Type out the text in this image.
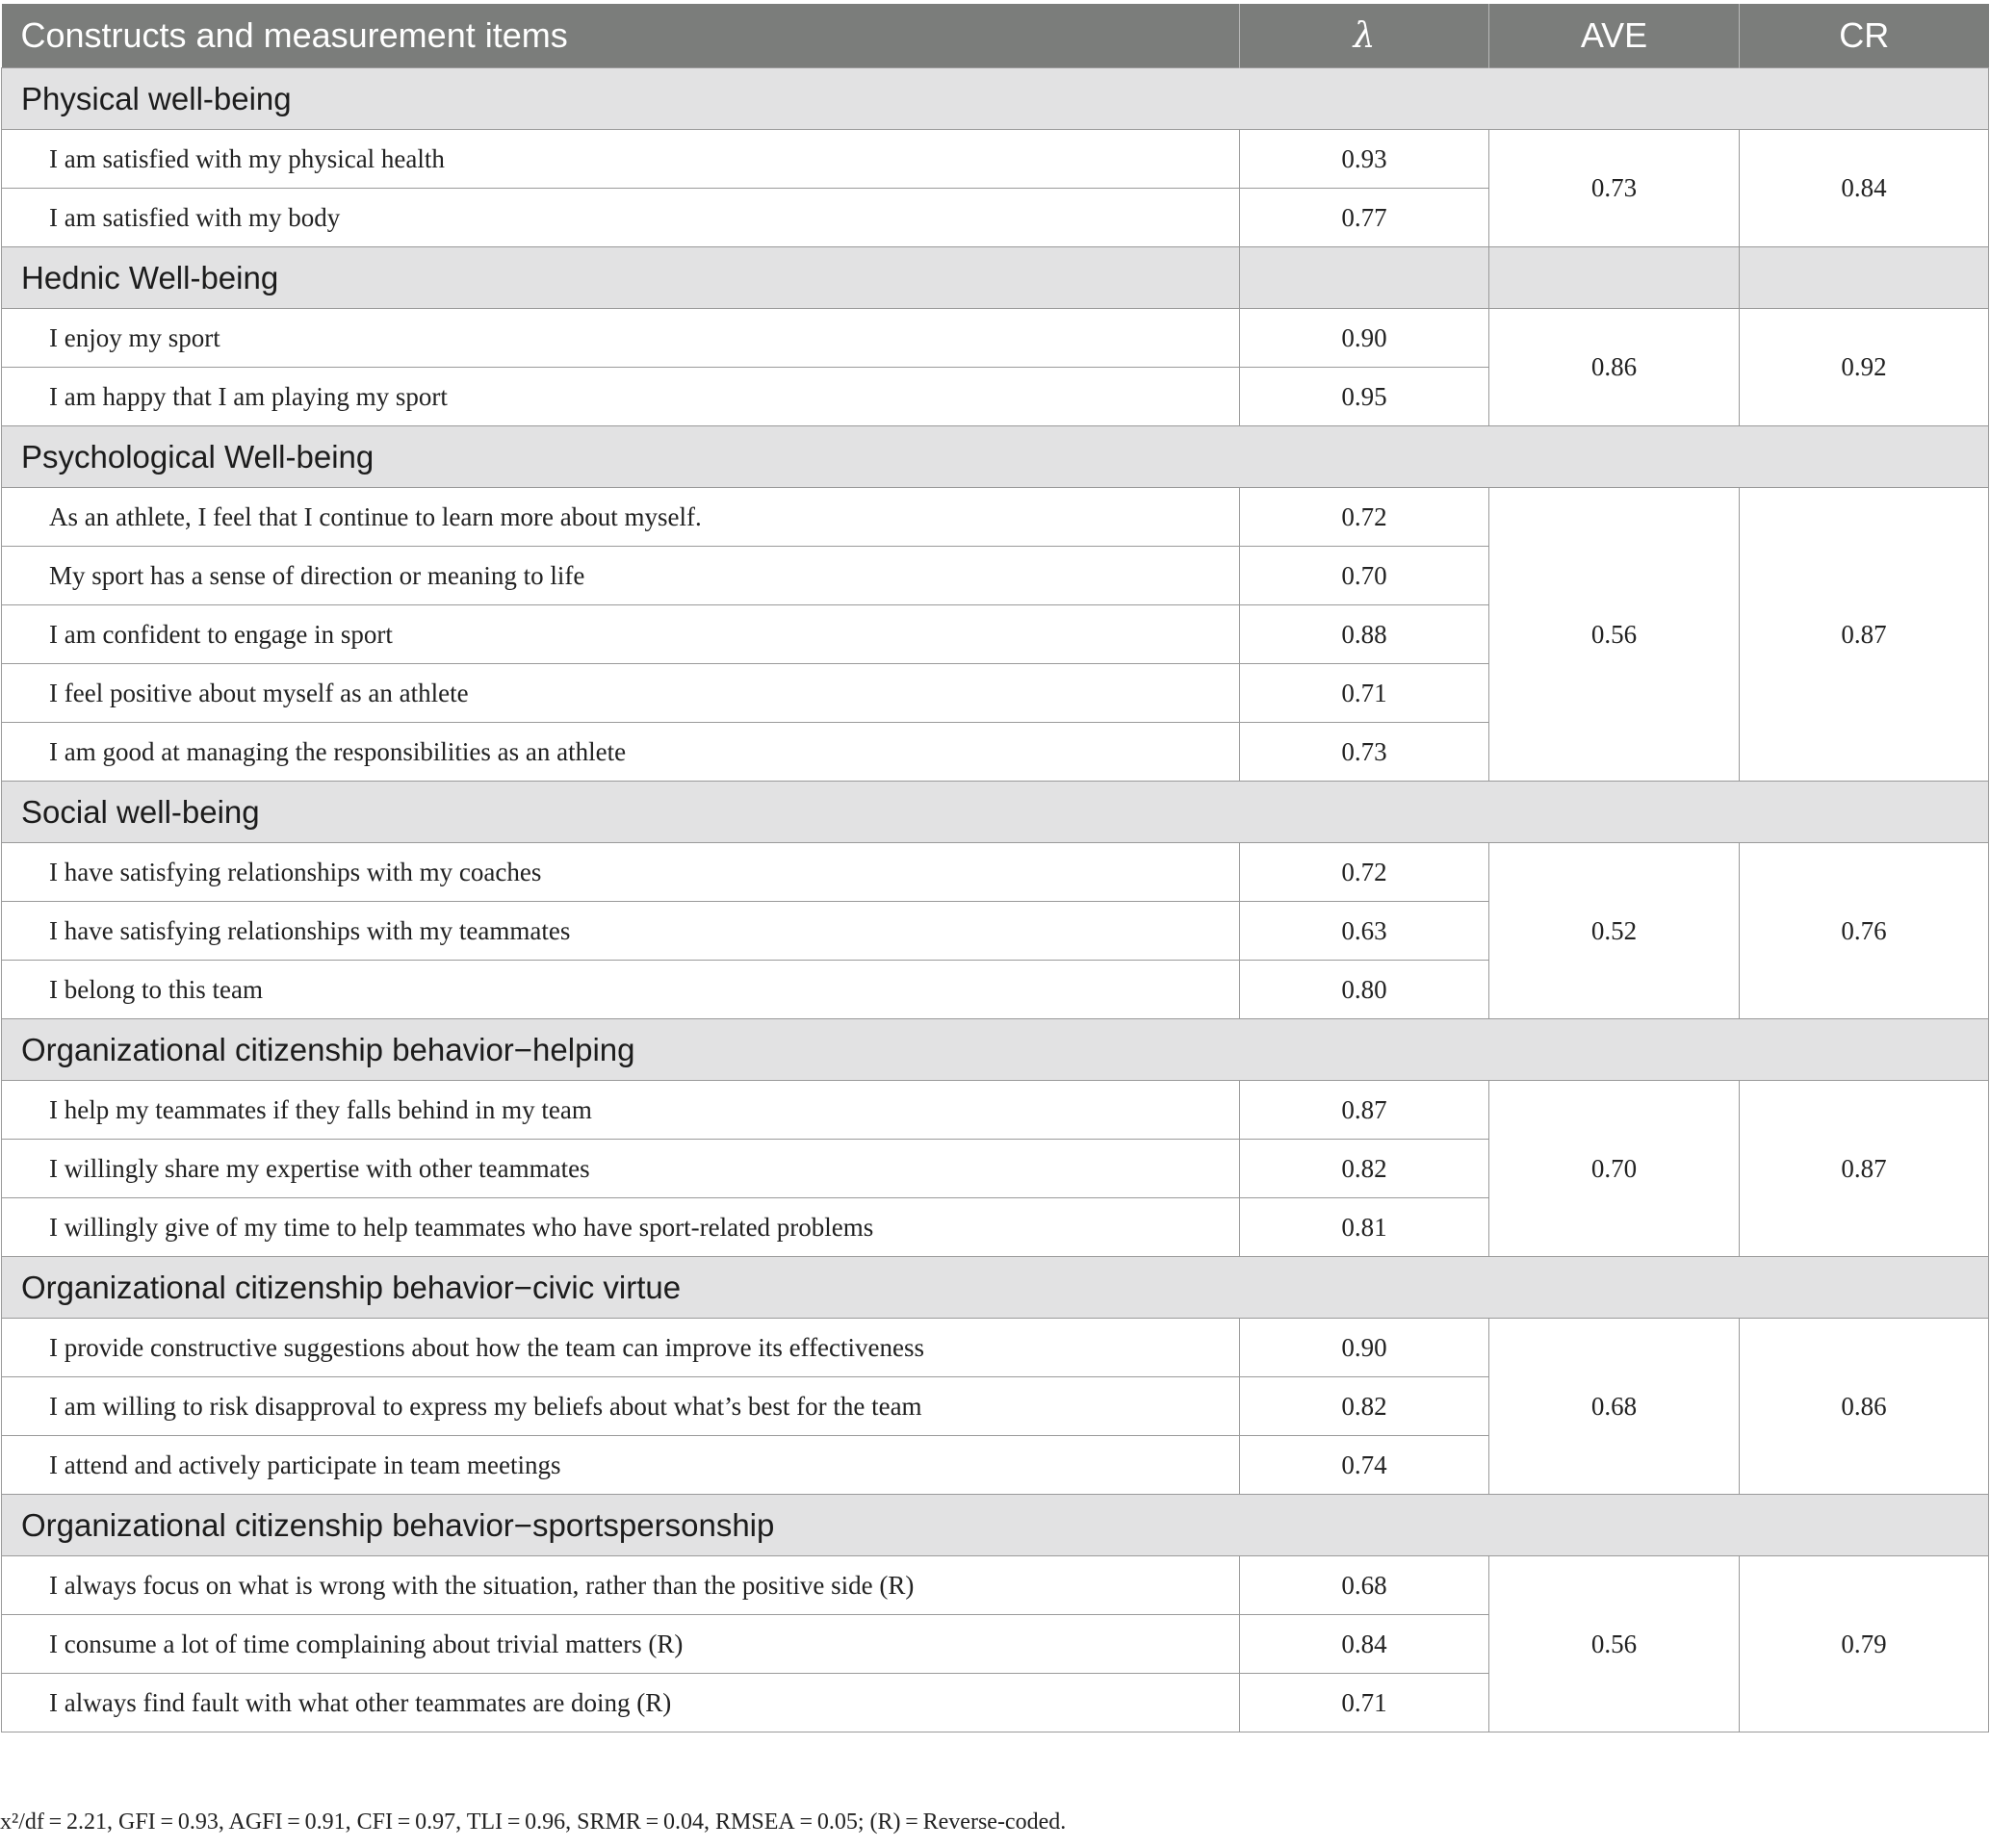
Constructs and measurement items	λ	AVE	CR
Physical well-being			
I am satisfied with my physical health	0.93	0.73	0.84
I am satisfied with my body	0.77		
Hednic Well-being			
I enjoy my sport	0.90	0.86	0.92
I am happy that I am playing my sport	0.95		
Psychological Well-being			
As an athlete, I feel that I continue to learn more about myself.	0.72	0.56	0.87
My sport has a sense of direction or meaning to life	0.70		
I am confident to engage in sport	0.88		
I feel positive about myself as an athlete	0.71		
I am good at managing the responsibilities as an athlete	0.73		
Social well-being			
I have satisfying relationships with my coaches	0.72	0.52	0.76
I have satisfying relationships with my teammates	0.63		
I belong to this team	0.80		
Organizational citizenship behavior−helping			
I help my teammates if they falls behind in my team	0.87	0.70	0.87
I willingly share my expertise with other teammates	0.82		
I willingly give of my time to help teammates who have sport-related problems	0.81		
Organizational citizenship behavior−civic virtue			
I provide constructive suggestions about how the team can improve its effectiveness	0.90	0.68	0.86
I am willing to risk disapproval to express my beliefs about what’s best for the team	0.82		
I attend and actively participate in team meetings	0.74		
Organizational citizenship behavior−sportspersonship			
I always focus on what is wrong with the situation, rather than the positive side (R)	0.68	0.56	0.79
I consume a lot of time complaining about trivial matters (R)	0.84		
I always find fault with what other teammates are doing (R)	0.71		
x²/df = 2.21, GFI = 0.93, AGFI = 0.91, CFI = 0.97, TLI = 0.96, SRMR = 0.04, RMSEA = 0.05; (R) = Reverse-coded.
